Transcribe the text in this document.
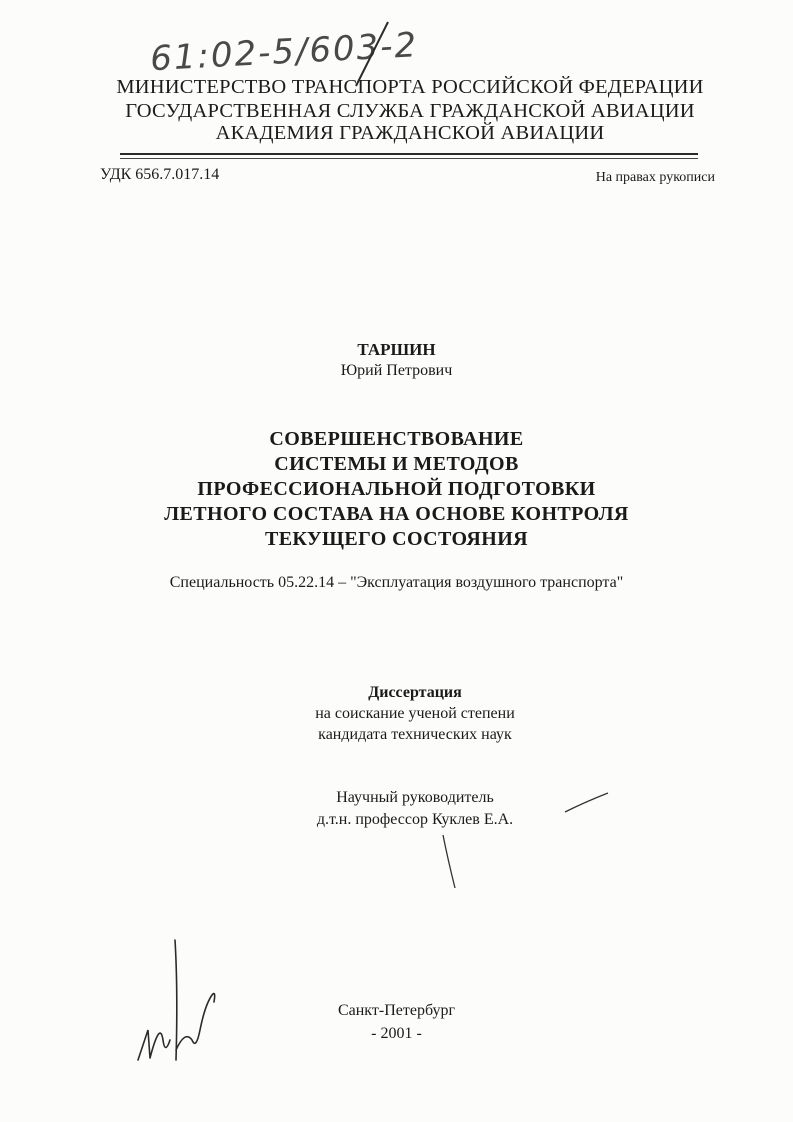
61:02-5/603-2
МИНИСТЕРСТВО ТРАНСПОРТА РОССИЙСКОЙ ФЕДЕРАЦИИ
ГОСУДАРСТВЕННАЯ СЛУЖБА ГРАЖДАНСКОЙ АВИАЦИИ
АКАДЕМИЯ ГРАЖДАНСКОЙ АВИАЦИИ
УДК 656.7.017.14	На правах рукописи
ТАРШИН
Юрий Петрович
СОВЕРШЕНСТВОВАНИЕ
СИСТЕМЫ И МЕТОДОВ
ПРОФЕССИОНАЛЬНОЙ ПОДГОТОВКИ
ЛЕТНОГО СОСТАВА НА ОСНОВЕ КОНТРОЛЯ
ТЕКУЩЕГО СОСТОЯНИЯ
Специальность 05.22.14 – "Эксплуатация воздушного транспорта"
Диссертация
на соискание ученой степени
кандидата технических наук
Научный руководитель
д.т.н. профессор Куклев Е.А.
Санкт-Петербург
- 2001 -
